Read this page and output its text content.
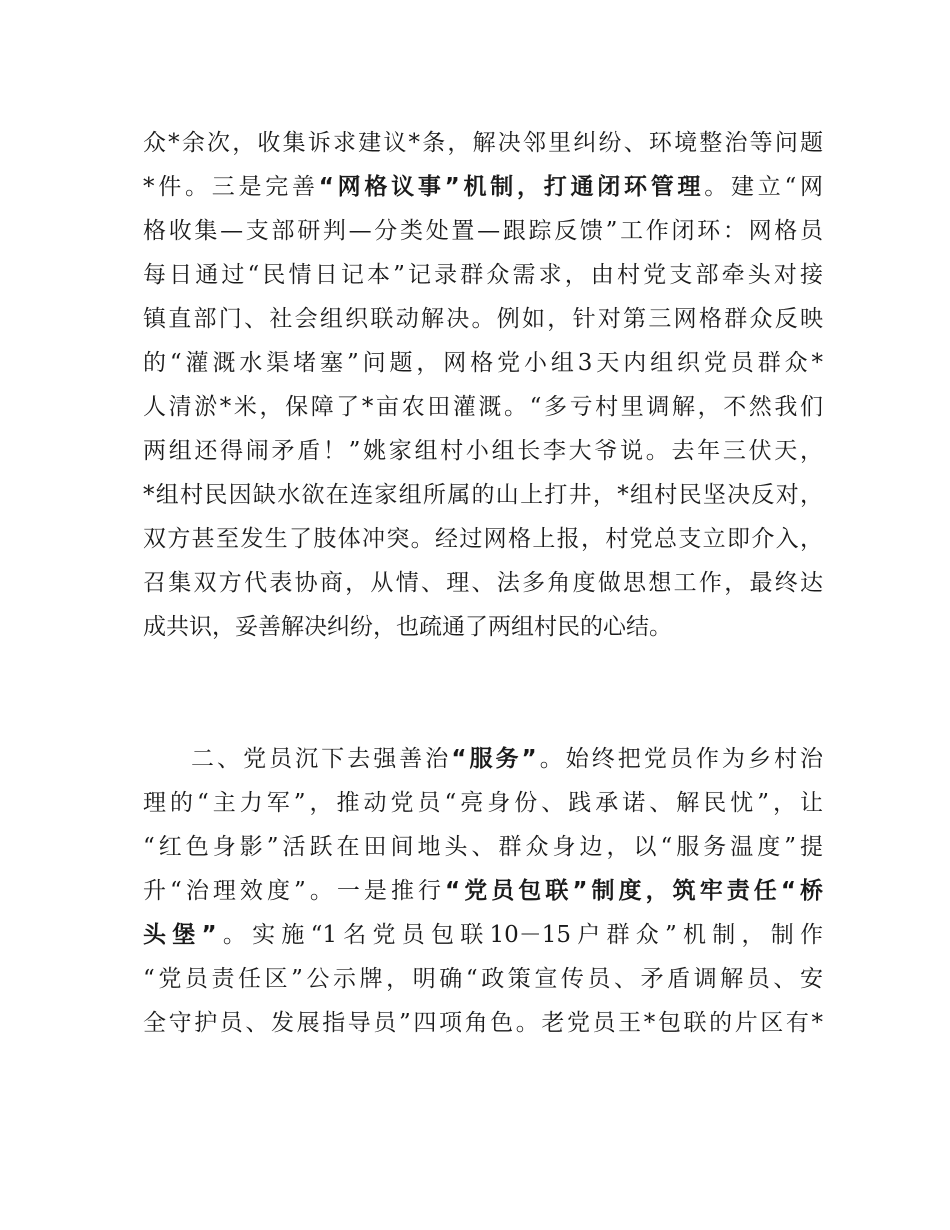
众*余次，收集诉求建议*条，解决邻里纠纷、环境整治等问题
*件。三是完善“网格议事”机制，打通闭环管理。建立“网
格收集—支部研判—分类处置—跟踪反馈”工作闭环：网格员
每日通过“民情日记本”记录群众需求，由村党支部牵头对接
镇直部门、社会组织联动解决。例如，针对第三网格群众反映
的“灌溉水渠堵塞”问题，网格党小组3天内组织党员群众*
人清淤*米，保障了*亩农田灌溉。“多亏村里调解，不然我们
两组还得闹矛盾！”姚家组村小组长李大爷说。去年三伏天，
*组村民因缺水欲在连家组所属的山上打井，*组村民坚决反对，
双方甚至发生了肢体冲突。经过网格上报，村党总支立即介入，
召集双方代表协商，从情、理、法多角度做思想工作，最终达
成共识，妥善解决纠纷，也疏通了两组村民的心结。
二、党员沉下去强善治“服务”。始终把党员作为乡村治
理的“主力军”，推动党员“亮身份、践承诺、解民忧”，让
“红色身影”活跃在田间地头、群众身边，以“服务温度”提
升“治理效度”。一是推行“党员包联”制度，筑牢责任“桥
头堡”。实施“1名党员包联10－15户群众”机制，制作
“党员责任区”公示牌，明确“政策宣传员、矛盾调解员、安
全守护员、发展指导员”四项角色。老党员王*包联的片区有*
